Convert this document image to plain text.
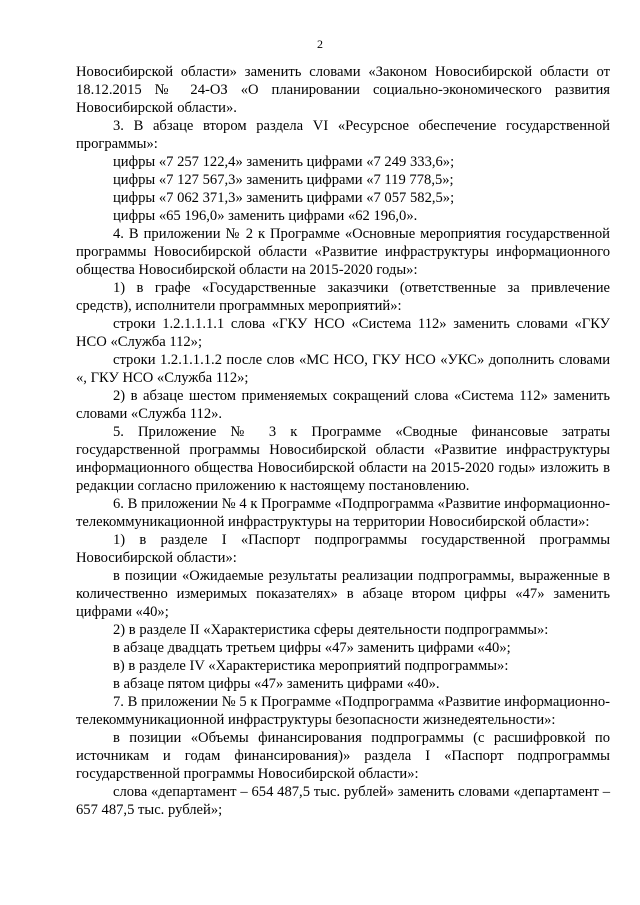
2

Новосибирской области» заменить словами «Законом Новосибирской области от 18.12.2015 № 24-ОЗ «О планировании социально-экономического развития Новосибирской области».

3. В абзаце втором раздела VI «Ресурсное обеспечение государственной программы»:

цифры «7 257 122,4» заменить цифрами «7 249 333,6»;

цифры «7 127 567,3» заменить цифрами «7 119 778,5»;

цифры «7 062 371,3» заменить цифрами «7 057 582,5»;

цифры «65 196,0» заменить цифрами «62 196,0».

4. В приложении № 2 к Программе «Основные мероприятия государственной программы Новосибирской области «Развитие инфраструктуры информационного общества Новосибирской области на 2015-2020 годы»:

1) в графе «Государственные заказчики (ответственные за привлечение средств), исполнители программных мероприятий»:

строки 1.2.1.1.1.1 слова «ГКУ НСО «Система 112» заменить словами «ГКУ НСО «Служба 112»;

строки 1.2.1.1.1.2 после слов «МС НСО, ГКУ НСО «УКС» дополнить словами «, ГКУ НСО «Служба 112»;

2) в абзаце шестом применяемых сокращений слова «Система 112» заменить словами «Служба 112».

5. Приложение № 3 к Программе «Сводные финансовые затраты государственной программы Новосибирской области «Развитие инфраструктуры информационного общества Новосибирской области на 2015-2020 годы» изложить в редакции согласно приложению к настоящему постановлению.

6. В приложении № 4 к Программе «Подпрограмма «Развитие информационно-телекоммуникационной инфраструктуры на территории Новосибирской области»:

1) в разделе I «Паспорт подпрограммы государственной программы Новосибирской области»:

в позиции «Ожидаемые результаты реализации подпрограммы, выраженные в количественно измеримых показателях» в абзаце втором цифры «47» заменить цифрами «40»;

2) в разделе II «Характеристика сферы деятельности подпрограммы»:

в абзаце двадцать третьем цифры «47» заменить цифрами «40»;

в) в разделе IV «Характеристика мероприятий подпрограммы»:

в абзаце пятом цифры «47» заменить цифрами «40».

7. В приложении № 5 к Программе «Подпрограмма «Развитие информационно-телекоммуникационной инфраструктуры безопасности жизнедеятельности»:

в позиции «Объемы финансирования подпрограммы (с расшифровкой по источникам и годам финансирования)» раздела I «Паспорт подпрограммы государственной программы Новосибирской области»:

слова «департамент – 654 487,5 тыс. рублей» заменить словами «департамент – 657 487,5 тыс. рублей»;
